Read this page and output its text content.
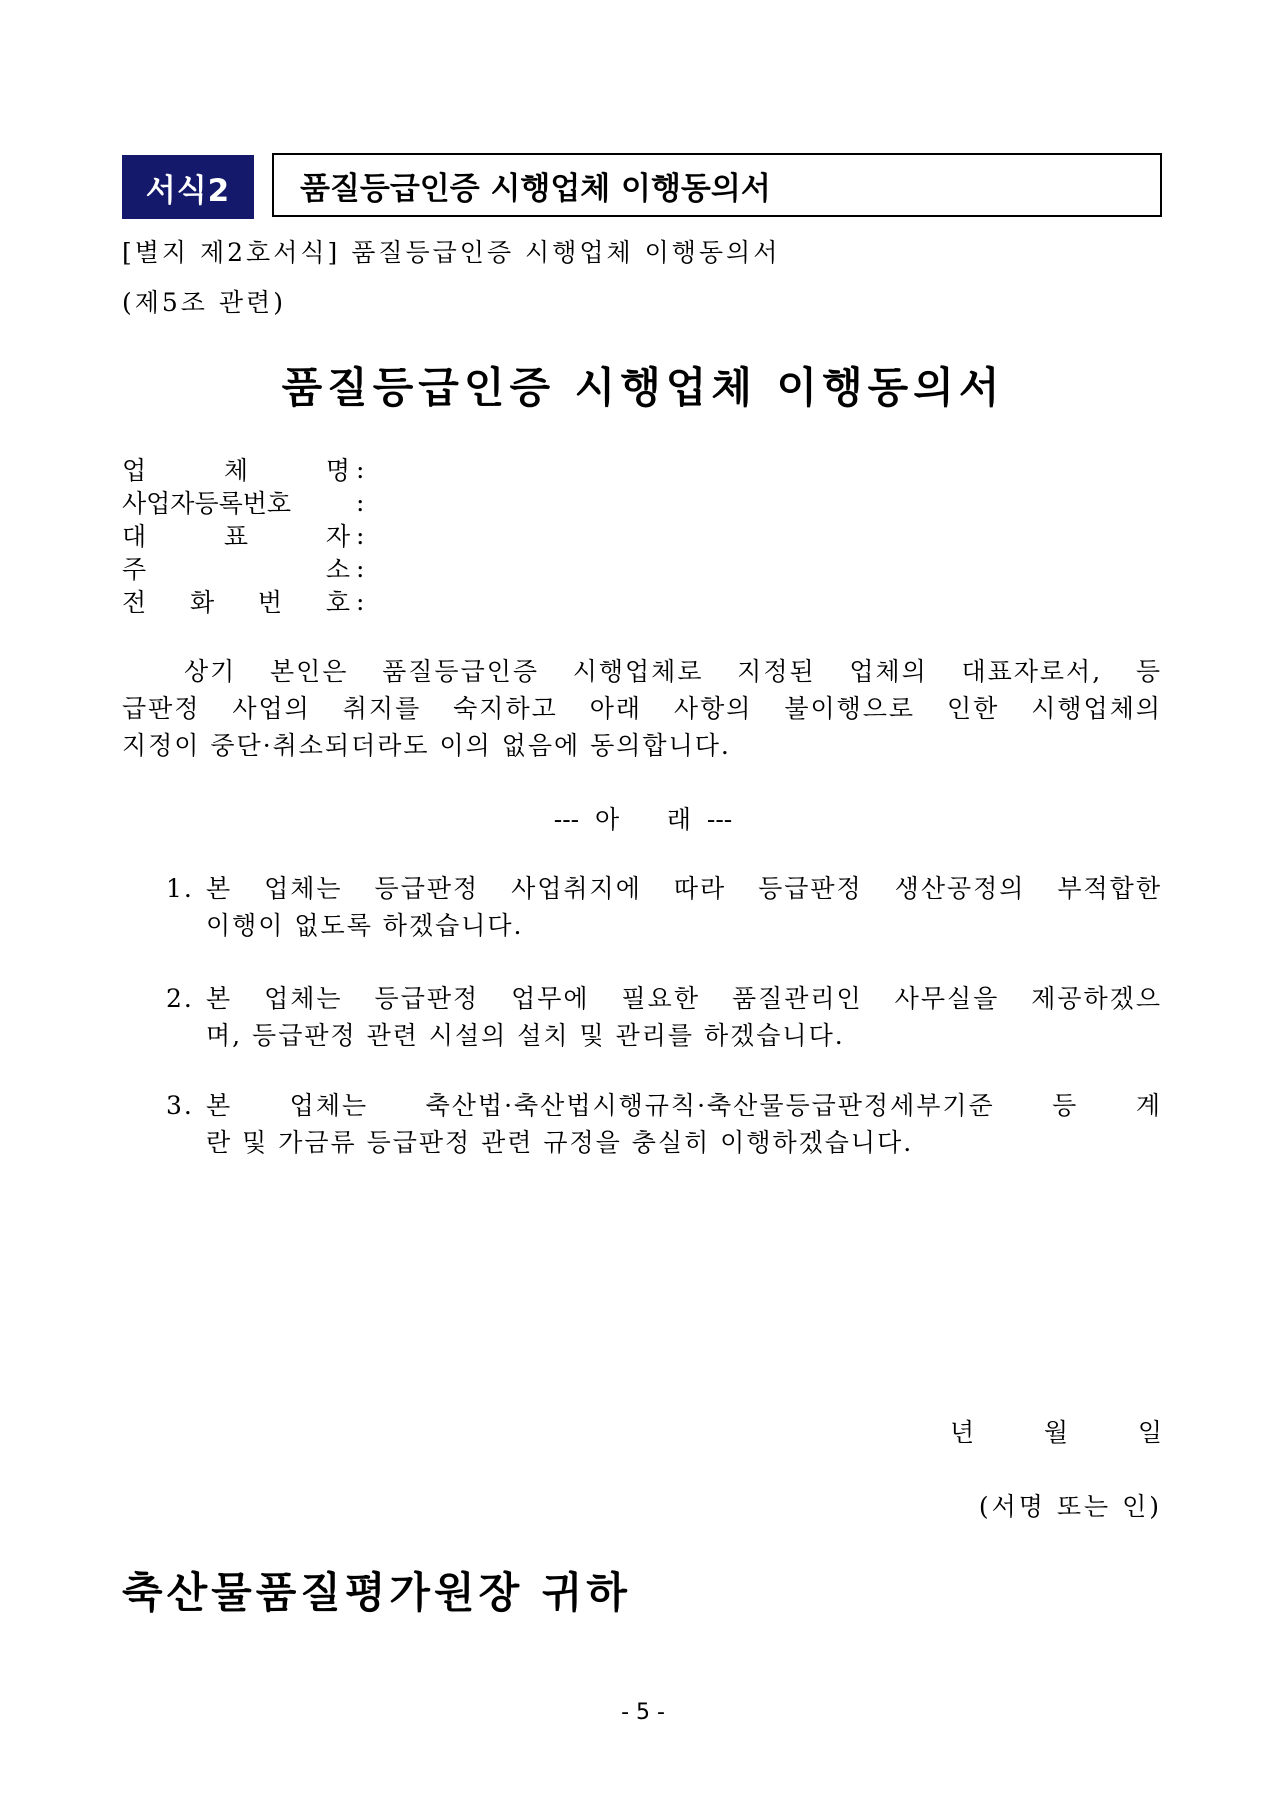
서식2	품질등급인증 시행업체 이행동의서
[별지 제2호서식] 품질등급인증 시행업체 이행동의서
(제5조 관련)
품질등급인증 시행업체 이행동의서
업	체	명 :
사업자등록번호	:
대	표	자 :
주	소 :
전 화 번 호 :
상기 본인은 품질등급인증 시행업체로 지정된 업체의 대표자로서, 등
급판정 사업의 취지를 숙지하고 아래 사항의 불이행으로 인한 시행업체의
지정이 중단·취소되더라도 이의 없음에 동의합니다.
---  아      래  ---
1. 본 업체는 등급판정 사업취지에 따라 등급판정 생산공정의 부적합한
이행이 없도록 하겠습니다.
2. 본 업체는 등급판정 업무에 필요한 품질관리인 사무실을 제공하겠으
며, 등급판정 관련 시설의 설치 및 관리를 하겠습니다.
3. 본 업체는 축산법·축산법시행규칙·축산물등급판정세부기준 등 계
란 및 가금류 등급판정 관련 규정을 충실히 이행하겠습니다.
년	월	일
(서명 또는 인)
축산물품질평가원장 귀하
- 5 -
